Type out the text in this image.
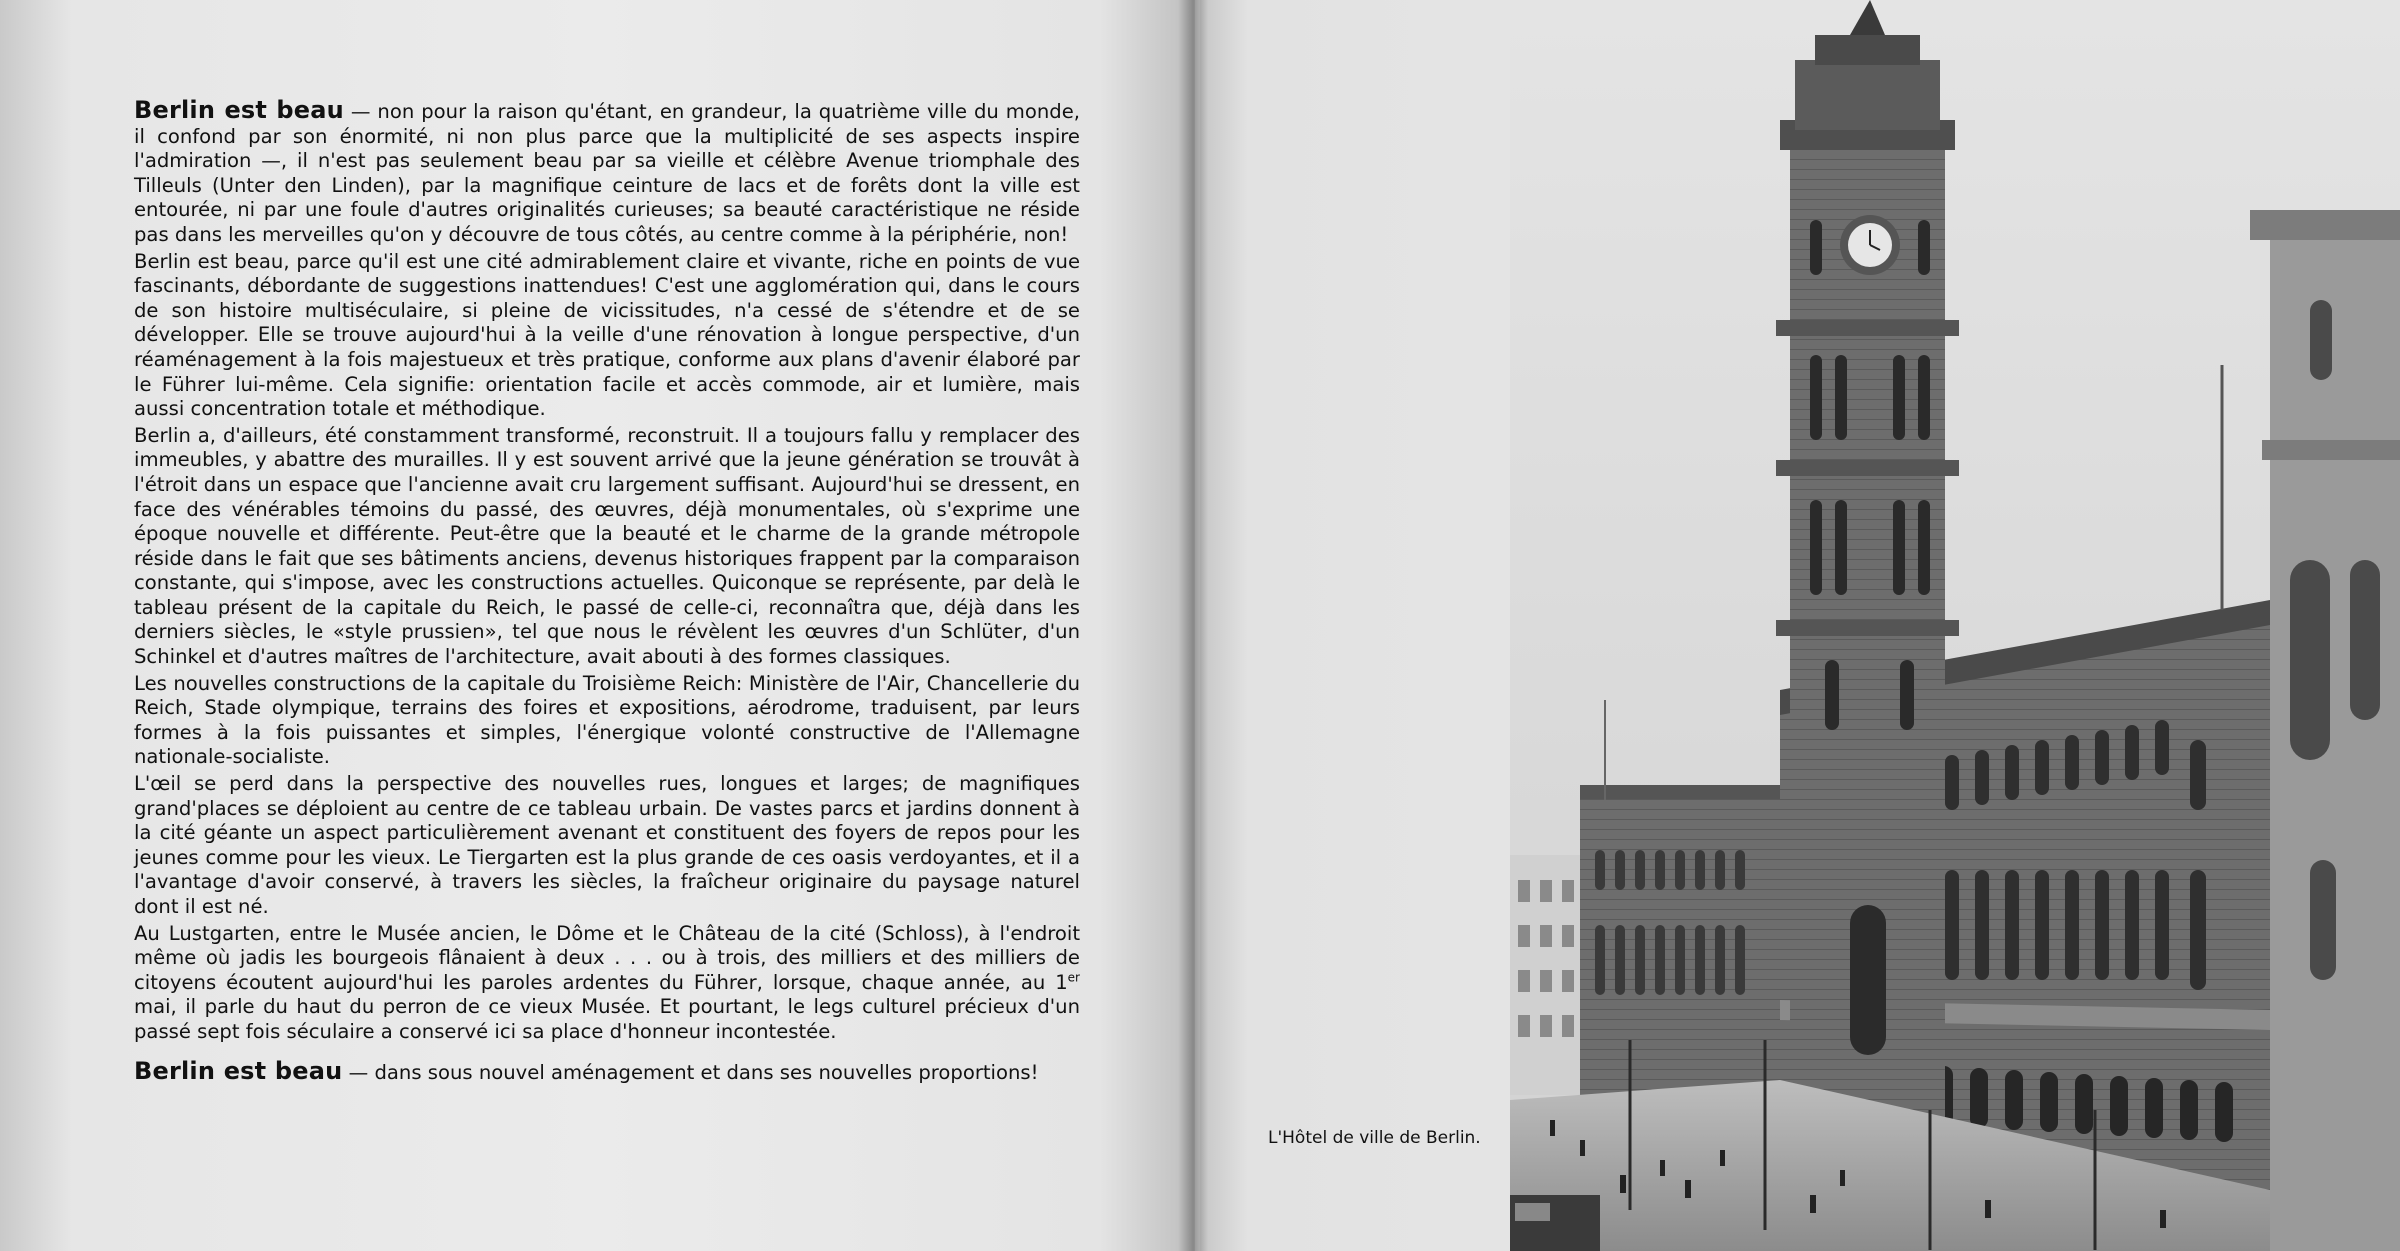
Berlin est beau — non pour la raison qu'étant, en grandeur, la quatrième ville du monde, il confond par son énormité, ni non plus parce que la multiplicité de ses aspects inspire l'admiration —, il n'est pas seulement beau par sa vieille et célèbre Avenue triomphale des Tilleuls (Unter den Linden), par la magnifique ceinture de lacs et de forêts dont la ville est entourée, ni par une foule d'autres originalités curieuses; sa beauté caractéristique ne réside pas dans les merveilles qu'on y découvre de tous côtés, au centre comme à la périphérie, non!

Berlin est beau, parce qu'il est une cité admirablement claire et vivante, riche en points de vue fascinants, débordante de suggestions inattendues! C'est une agglomération qui, dans le cours de son histoire multiséculaire, si pleine de vicissitudes, n'a cessé de s'étendre et de se développer. Elle se trouve aujourd'hui à la veille d'une rénovation à longue perspective, d'un réaménagement à la fois majestueux et très pratique, conforme aux plans d'avenir élaboré par le Führer lui-même. Cela signifie: orientation facile et accès commode, air et lumière, mais aussi concentration totale et méthodique.

Berlin a, d'ailleurs, été constamment transformé, reconstruit. Il a toujours fallu y remplacer des immeubles, y abattre des murailles. Il y est souvent arrivé que la jeune génération se trouvât à l'étroit dans un espace que l'ancienne avait cru largement suffisant. Aujourd'hui se dressent, en face des vénérables témoins du passé, des œuvres, déjà monumentales, où s'exprime une époque nouvelle et différente. Peut-être que la beauté et le charme de la grande métropole réside dans le fait que ses bâtiments anciens, devenus historiques frappent par la comparaison constante, qui s'impose, avec les constructions actuelles. Quiconque se représente, par delà le tableau présent de la capitale du Reich, le passé de celle-ci, reconnaîtra que, déjà dans les derniers siècles, le «style prussien», tel que nous le révèlent les œuvres d'un Schlüter, d'un Schinkel et d'autres maîtres de l'architecture, avait abouti à des formes classiques.

Les nouvelles constructions de la capitale du Troisième Reich: Ministère de l'Air, Chancellerie du Reich, Stade olympique, terrains des foires et expositions, aérodrome, traduisent, par leurs formes à la fois puissantes et simples, l'énergique volonté constructive de l'Allemagne nationale-socialiste.

L'œil se perd dans la perspective des nouvelles rues, longues et larges; de magnifiques grand'places se déploient au centre de ce tableau urbain. De vastes parcs et jardins donnent à la cité géante un aspect particulièrement avenant et constituent des foyers de repos pour les jeunes comme pour les vieux. Le Tiergarten est la plus grande de ces oasis verdoyantes, et il a l'avantage d'avoir conservé, à travers les siècles, la fraîcheur originaire du paysage naturel dont il est né.

Au Lustgarten, entre le Musée ancien, le Dôme et le Château de la cité (Schloss), à l'endroit même où jadis les bourgeois flânaient à deux . . . ou à trois, des milliers et des milliers de citoyens écoutent aujourd'hui les paroles ardentes du Führer, lorsque, chaque année, au 1er mai, il parle du haut du perron de ce vieux Musée. Et pourtant, le legs culturel précieux d'un passé sept fois séculaire a conservé ici sa place d'honneur incontestée.

Berlin est beau — dans sous nouvel aménagement et dans ses nouvelles proportions!

L'Hôtel de ville de Berlin.
